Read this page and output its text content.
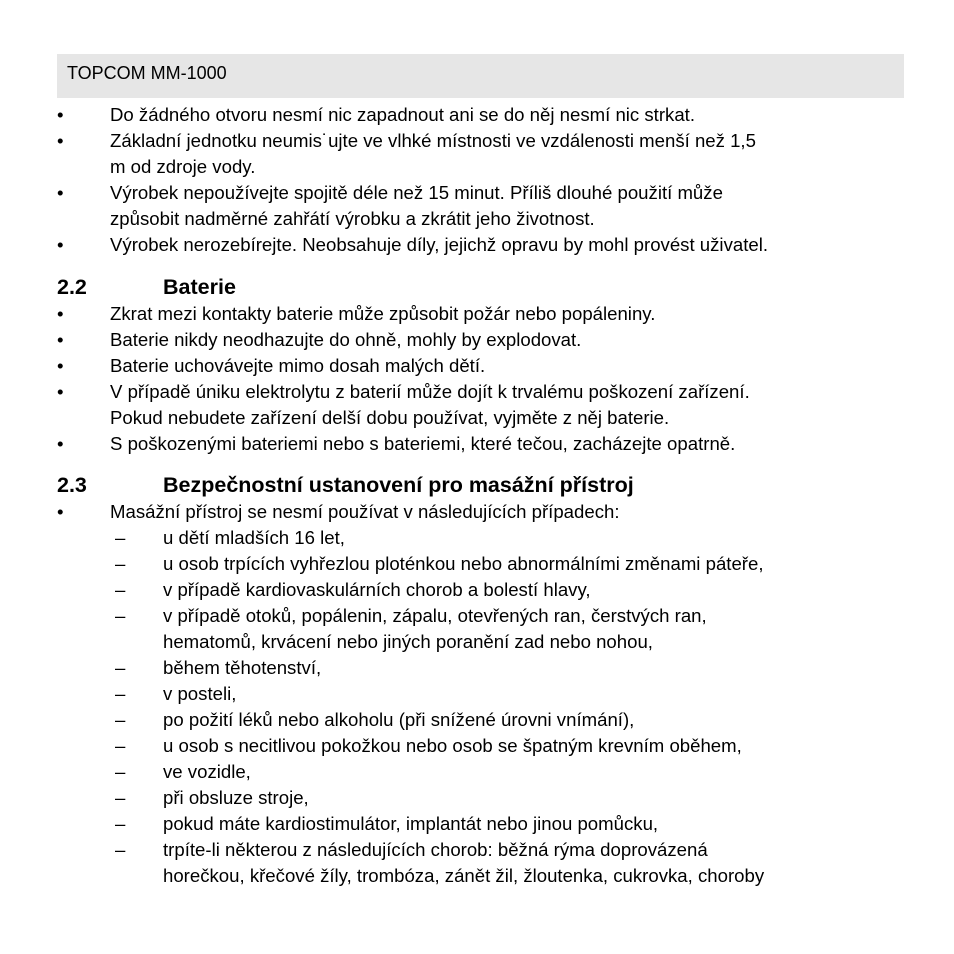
TOPCOM MM-1000
•	Do žádného otvoru nesmí nic zapadnout ani se do něj nesmí nic strkat.
•	Základní jednotku neumis˙ujte ve vlhké místnosti ve vzdálenosti menší než 1,5
m od zdroje vody.
•	Výrobek nepoužívejte spojitě déle než 15 minut. Příliš dlouhé použití může
způsobit nadměrné zahřátí výrobku a zkrátit jeho životnost.
•	Výrobek nerozebírejte. Neobsahuje díly, jejichž opravu by mohl provést uživatel.
2.2	Baterie
•	Zkrat mezi kontakty baterie může způsobit požár nebo popáleniny.
•	Baterie nikdy neodhazujte do ohně, mohly by explodovat.
•	Baterie uchovávejte mimo dosah malých dětí.
•	V případě úniku elektrolytu z baterií může dojít k trvalému poškození zařízení.
Pokud nebudete zařízení delší dobu používat, vyjměte z něj baterie.
•	S poškozenými bateriemi nebo s bateriemi, které tečou, zacházejte opatrně.
2.3	Bezpečnostní ustanovení pro masážní přístroj
•	Masážní přístroj se nesmí používat v následujících případech:
– u dětí mladších 16 let,
– u osob trpících vyhřezlou ploténkou nebo abnormálními změnami páteře,
– v případě kardiovaskulárních chorob a bolestí hlavy,
– v případě otoků, popálenin, zápalu, otevřených ran, čerstvých ran,
hematomů, krvácení nebo jiných poranění zad nebo nohou,
– během těhotenství,
– v posteli,
– po požití léků nebo alkoholu (při snížené úrovni vnímání),
– u osob s necitlivou pokožkou nebo osob se špatným krevním oběhem,
– ve vozidle,
– při obsluze stroje,
– pokud máte kardiostimulátor, implantát nebo jinou pomůcku,
– trpíte-li některou z následujících chorob: běžná rýma doprovázená
horečkou, křečové žíly, trombóza, zánět žil, žloutenka, cukrovka, choroby
